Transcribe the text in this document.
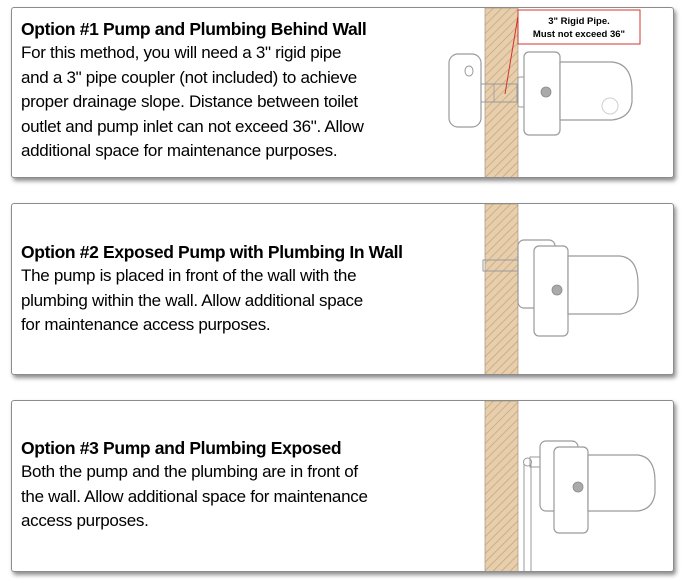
Option #1 Pump and Plumbing Behind Wall
For this method, you will need a 3" rigid pipe
and a 3" pipe coupler (not included) to achieve
proper drainage slope. Distance between toilet
outlet and pump inlet can not exceed 36". Allow
additional space for maintenance purposes.
3" Rigid Pipe.
Must not exceed 36"
Option #2 Exposed Pump with Plumbing In Wall
The pump is placed in front of the wall with the
plumbing within the wall. Allow additional space
for maintenance access purposes.
Option #3 Pump and Plumbing Exposed
Both the pump and the plumbing are in front of
the wall. Allow additional space for maintenance
access purposes.
